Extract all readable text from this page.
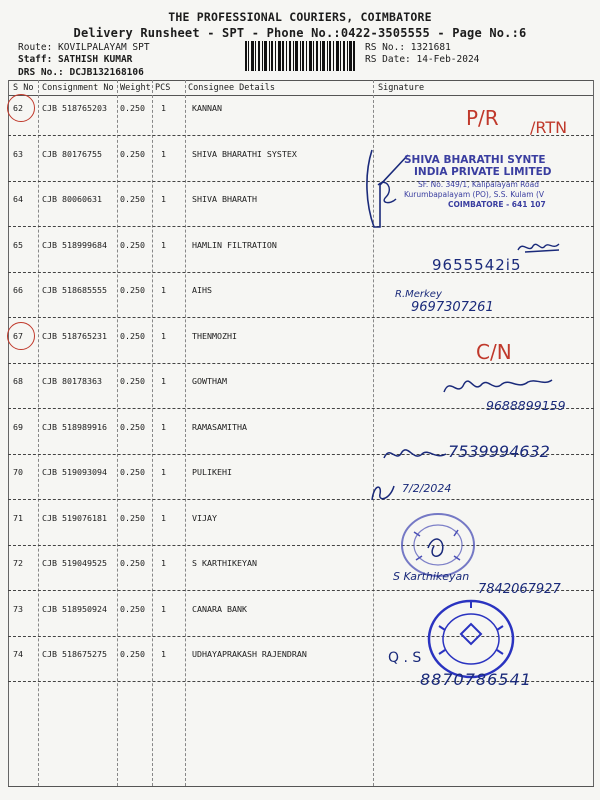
THE PROFESSIONAL COURIERS, COIMBATORE
Delivery Runsheet - SPT - Phone No.:0422-3505555 - Page No.:6
Route: KOVILPALAYAM SPT
Staff: SATHISH KUMAR
DRS No.: DCJB132168106
RS No.: 1321681
RS Date: 14-Feb-2024
S No Consignment No Weight PCS Consignee Details	Signature
62 CJB 518765203 0.250 1	KANNAN
63 CJB 80176755 0.250 1	SHIVA BHARATHI SYSTEX
64 CJB 80060631 0.250 1	SHIVA BHARATH
65 CJB 518999684 0.250 1	HAMLIN FILTRATION
66 CJB 518685555 0.250 1	AIHS
67 CJB 518765231 0.250 1	THENMOZHI
68 CJB 80178363 0.250 1	GOWTHAM
69 CJB 518989916 0.250 1	RAMASAMITHA
70 CJB 519093094 0.250 1	PULIKEHI
71 CJB 519076181 0.250 1	VIJAY
72 CJB 519049525 0.250 1	S KARTHIKEYAN
73 CJB 518950924 0.250 1	CANARA BANK
74 CJB 518675275 0.250 1	UDHAYAPRAKASH RAJENDRAN
P/R /RTN
C/N
SHIVA BHARATHI SYNTE
INDIA PRIVATE LIMITED
SF. No. 349/1, Kalipalayam Road
Kurumbapalayam (PO), S.S. Kulam (V
COIMBATORE - 641 107
9655542i5
R.Merkey
9697307261
9688899159
7539994632
7/2/2024
S Karthikeyan
7842067927
Q . S
8870786541
